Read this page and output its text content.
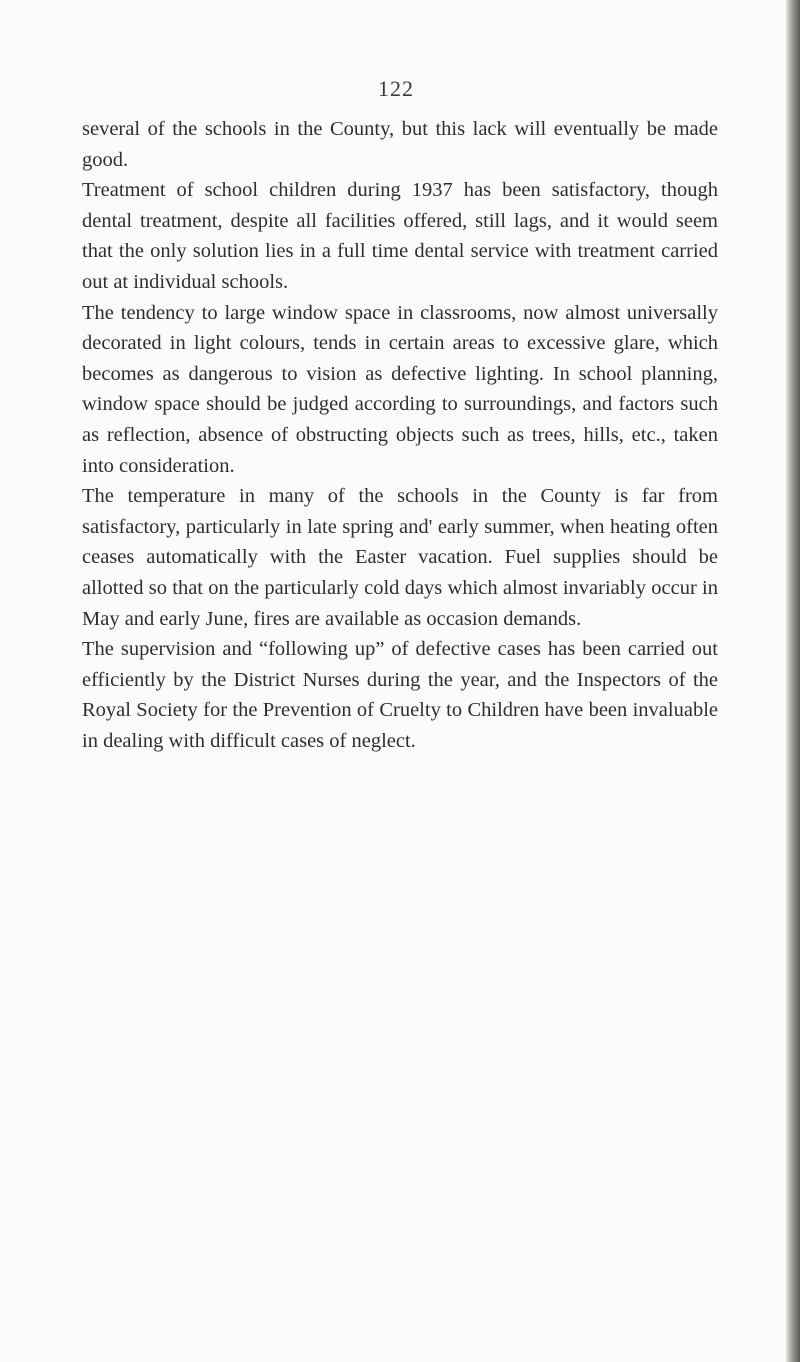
122

several of the schools in the County, but this lack will eventually be made good.

Treatment of school children during 1937 has been satisfactory, though dental treatment, despite all facilities offered, still lags, and it would seem that the only solution lies in a full time dental service with treatment carried out at individual schools.

The tendency to large window space in classrooms, now almost universally decorated in light colours, tends in certain areas to excessive glare, which becomes as dangerous to vision as defective lighting. In school planning, window space should be judged according to surroundings, and factors such as reflection, absence of obstructing objects such as trees, hills, etc., taken into consideration.

The temperature in many of the schools in the County is far from satisfactory, particularly in late spring and' early summer, when heating often ceases automatically with the Easter vacation. Fuel supplies should be allotted so that on the particularly cold days which almost invariably occur in May and early June, fires are available as occasion demands.

The supervision and “following up” of defective cases has been carried out efficiently by the District Nurses during the year, and the Inspectors of the Royal Society for the Prevention of Cruelty to Children have been invaluable in dealing with difficult cases of neglect.
